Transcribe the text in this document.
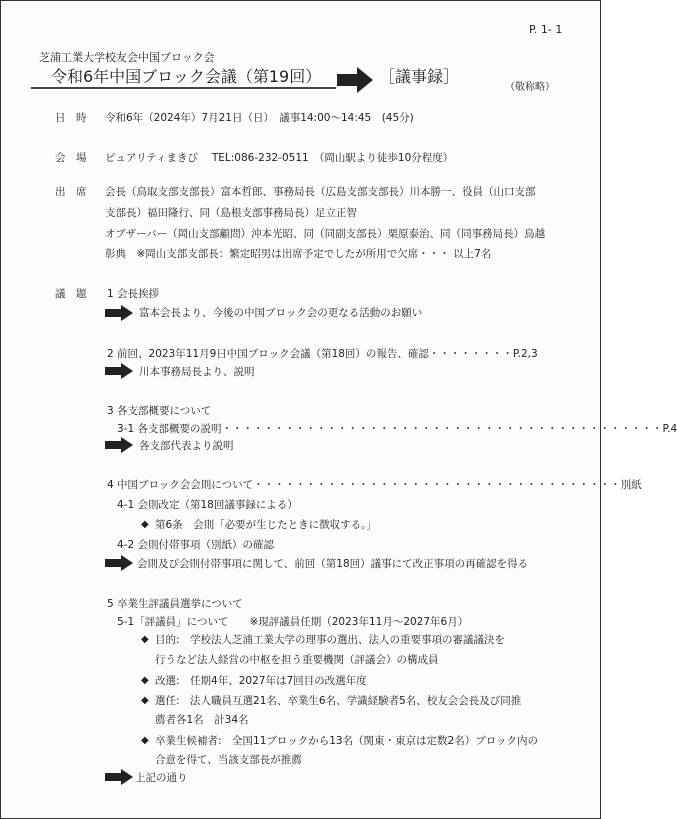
P. 1- 1
芝浦工業大学校友会中国ブロック会
令和6年中国ブロック会議（第19回）	［議事録］
（敬称略）
日　時 令和6年（2024年）7月21日（日）　議事14:00～14:45　(45分)
会　場 ピュアリティまきび　 TEL:086-232-0511　（岡山駅より徒歩10分程度）
出　席 会長（鳥取支部支部長）富本哲郎、事務局長（広島支部支部長）川本勝一、役員（山口支部
支部長）福田隆行、同（島根支部事務局長）足立正智
オブザーバー（岡山支部顧問）沖本光昭、同（同副支部長）栗原泰治、同（同事務局長）鳥越
彰典　※岡山支部支部長：繁定昭男は出席予定でしたが所用で欠席・・・ 以上7名
議　題 1 会長挨拶
富本会長より、今後の中国ブロック会の更なる活動のお願い
2 前回、2023年11月9日中国ブロック会議（第18回）の報告、確認・・・・・・・・P.2,3
川本事務局長より、説明
3 各支部概要について
3-1 各支部概要の説明・・・・・・・・・・・・・・・・・・・・・・・・・・・・・・・・・・・・・・・・・・P.4
各支部代表より説明
4 中国ブロック会会則について・・・・・・・・・・・・・・・・・・・・・・・・・・・・・・・・・・・別紙
4-1 会則改定（第18回議事録による）
◆ 第6条　会則「必要が生じたときに徴収する。」
4-2 会則付帯事項（別紙）の確認
会則及び会則付帯事項に関して、前回（第18回）議事にて改正事項の再確認を得る
5 卒業生評議員選挙について
5-1「評議員」について　　※現評議員任期（2023年11月～2027年6月）
◆ 目的:　学校法人芝浦工業大学の理事の選出、法人の重要事項の審議議決を
行うなど法人経営の中枢を担う重要機関（評議会）の構成員
◆ 改選:　任期4年、2027年は7回目の改選年度
◆ 選任:　法人職員互選21名、卒業生6名、学識経験者5名、校友会会長及び同推
薦者各1名　計34名
◆ 卒業生候補者:　全国11ブロックから13名（関東・東京は定数2名）ブロック内の
合意を得て、当該支部長が推薦
上記の通り
